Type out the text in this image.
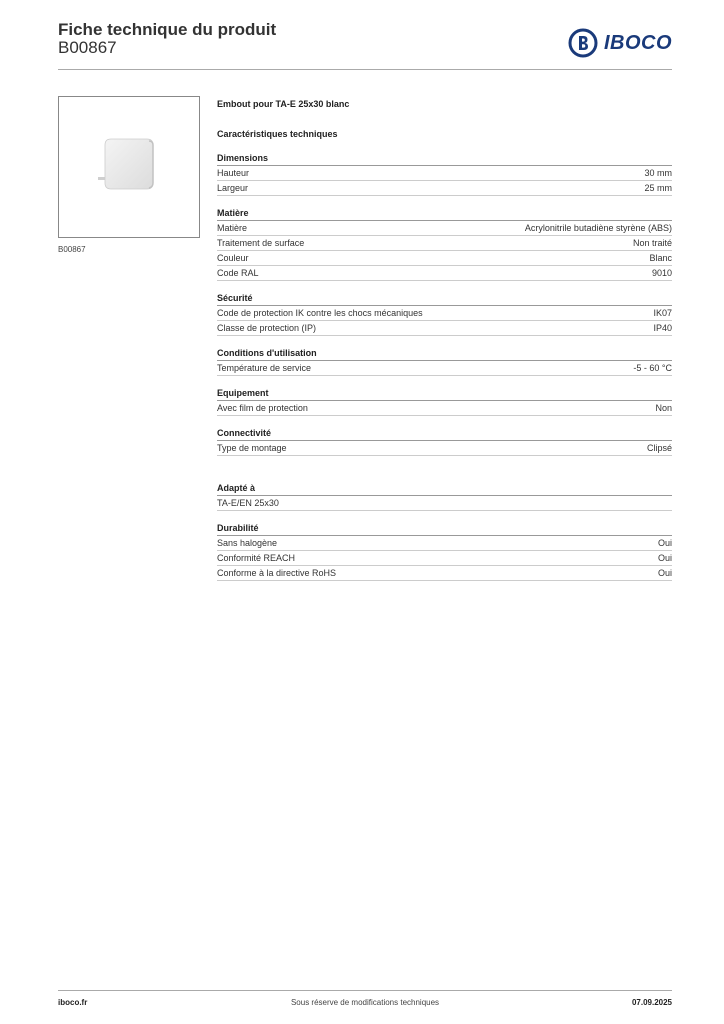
Fiche technique du produit
B00867	IBOCO
B00867
Embout pour TA-E 25x30 blanc
Caractéristiques techniques
Dimensions
Hauteur	30 mm
Largeur	25 mm
Matière
Matière	Acrylonitrile butadiène styrène (ABS)
Traitement de surface	Non traité
Couleur	Blanc
Code RAL	9010
Sécurité
Code de protection IK contre les chocs mécaniques	IK07
Classe de protection (IP)	IP40
Conditions d'utilisation
Température de service	-5 - 60 °C
Equipement
Avec film de protection	Non
Connectivité
Type de montage	Clipsé
Adapté à
TA-E/EN 25x30
Durabilité
Sans halogène	Oui
Conformité REACH	Oui
Conforme à la directive RoHS	Oui
Sous réserve de modifications techniques
iboco.fr	07.09.2025
